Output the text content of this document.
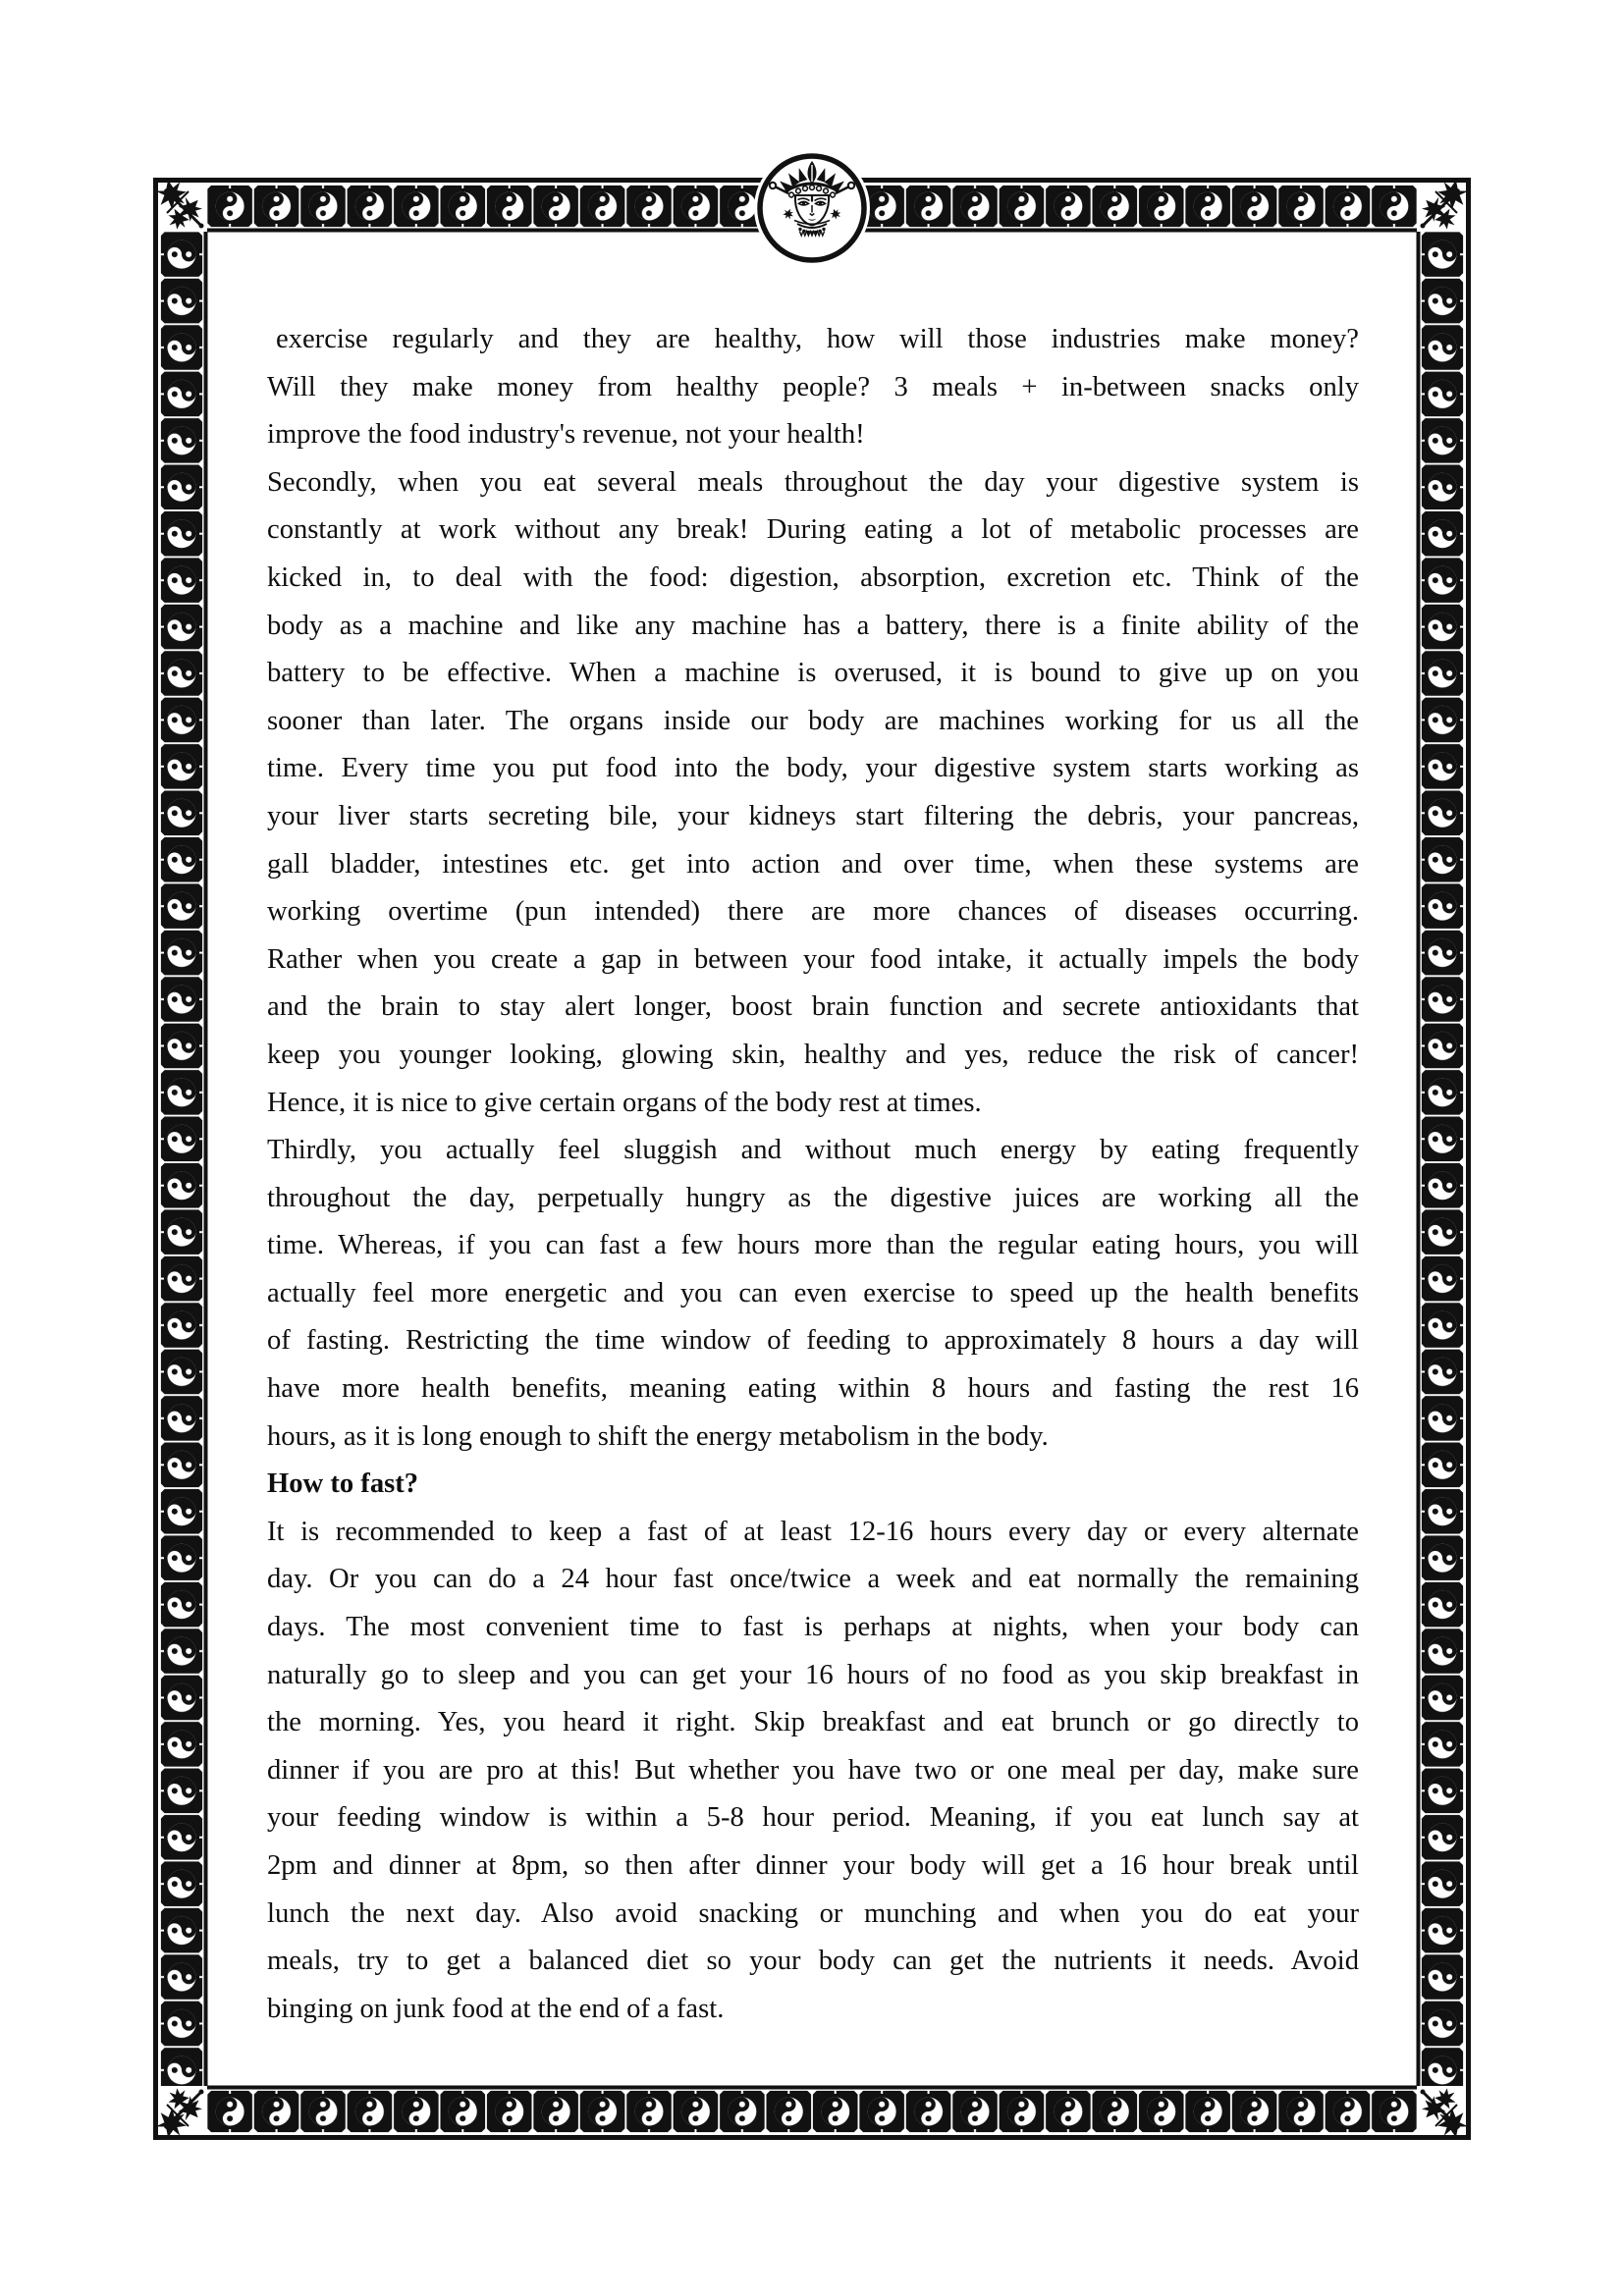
exercise regularly and they are healthy, how will those industries make money?
Will they make money from healthy people? 3 meals + in-between snacks only
improve the food industry's revenue, not your health!
Secondly, when you eat several meals throughout the day your digestive system is
constantly at work without any break! During eating a lot of metabolic processes are
kicked in, to deal with the food: digestion, absorption, excretion etc. Think of the
body as a machine and like any machine has a battery, there is a finite ability of the
battery to be effective. When a machine is overused, it is bound to give up on you
sooner than later. The organs inside our body are machines working for us all the
time. Every time you put food into the body, your digestive system starts working as
your liver starts secreting bile, your kidneys start filtering the debris, your pancreas,
gall bladder, intestines etc. get into action and over time, when these systems are
working overtime (pun intended) there are more chances of diseases occurring.
Rather when you create a gap in between your food intake, it actually impels the body
and the brain to stay alert longer, boost brain function and secrete antioxidants that
keep you younger looking, glowing skin, healthy and yes, reduce the risk of cancer!
Hence, it is nice to give certain organs of the body rest at times.
Thirdly, you actually feel sluggish and without much energy by eating frequently
throughout the day, perpetually hungry as the digestive juices are working all the
time. Whereas, if you can fast a few hours more than the regular eating hours, you will
actually feel more energetic and you can even exercise to speed up the health benefits
of fasting. Restricting the time window of feeding to approximately 8 hours a day will
have more health benefits, meaning eating within 8 hours and fasting the rest 16
hours, as it is long enough to shift the energy metabolism in the body.
How to fast?
It is recommended to keep a fast of at least 12-16 hours every day or every alternate
day. Or you can do a 24 hour fast once/twice a week and eat normally the remaining
days. The most convenient time to fast is perhaps at nights, when your body can
naturally go to sleep and you can get your 16 hours of no food as you skip breakfast in
the morning. Yes, you heard it right. Skip breakfast and eat brunch or go directly to
dinner if you are pro at this! But whether you have two or one meal per day, make sure
your feeding window is within a 5-8 hour period. Meaning, if you eat lunch say at
2pm and dinner at 8pm, so then after dinner your body will get a 16 hour break until
lunch the next day. Also avoid snacking or munching and when you do eat your
meals, try to get a balanced diet so your body can get the nutrients it needs. Avoid
binging on junk food at the end of a fast.
